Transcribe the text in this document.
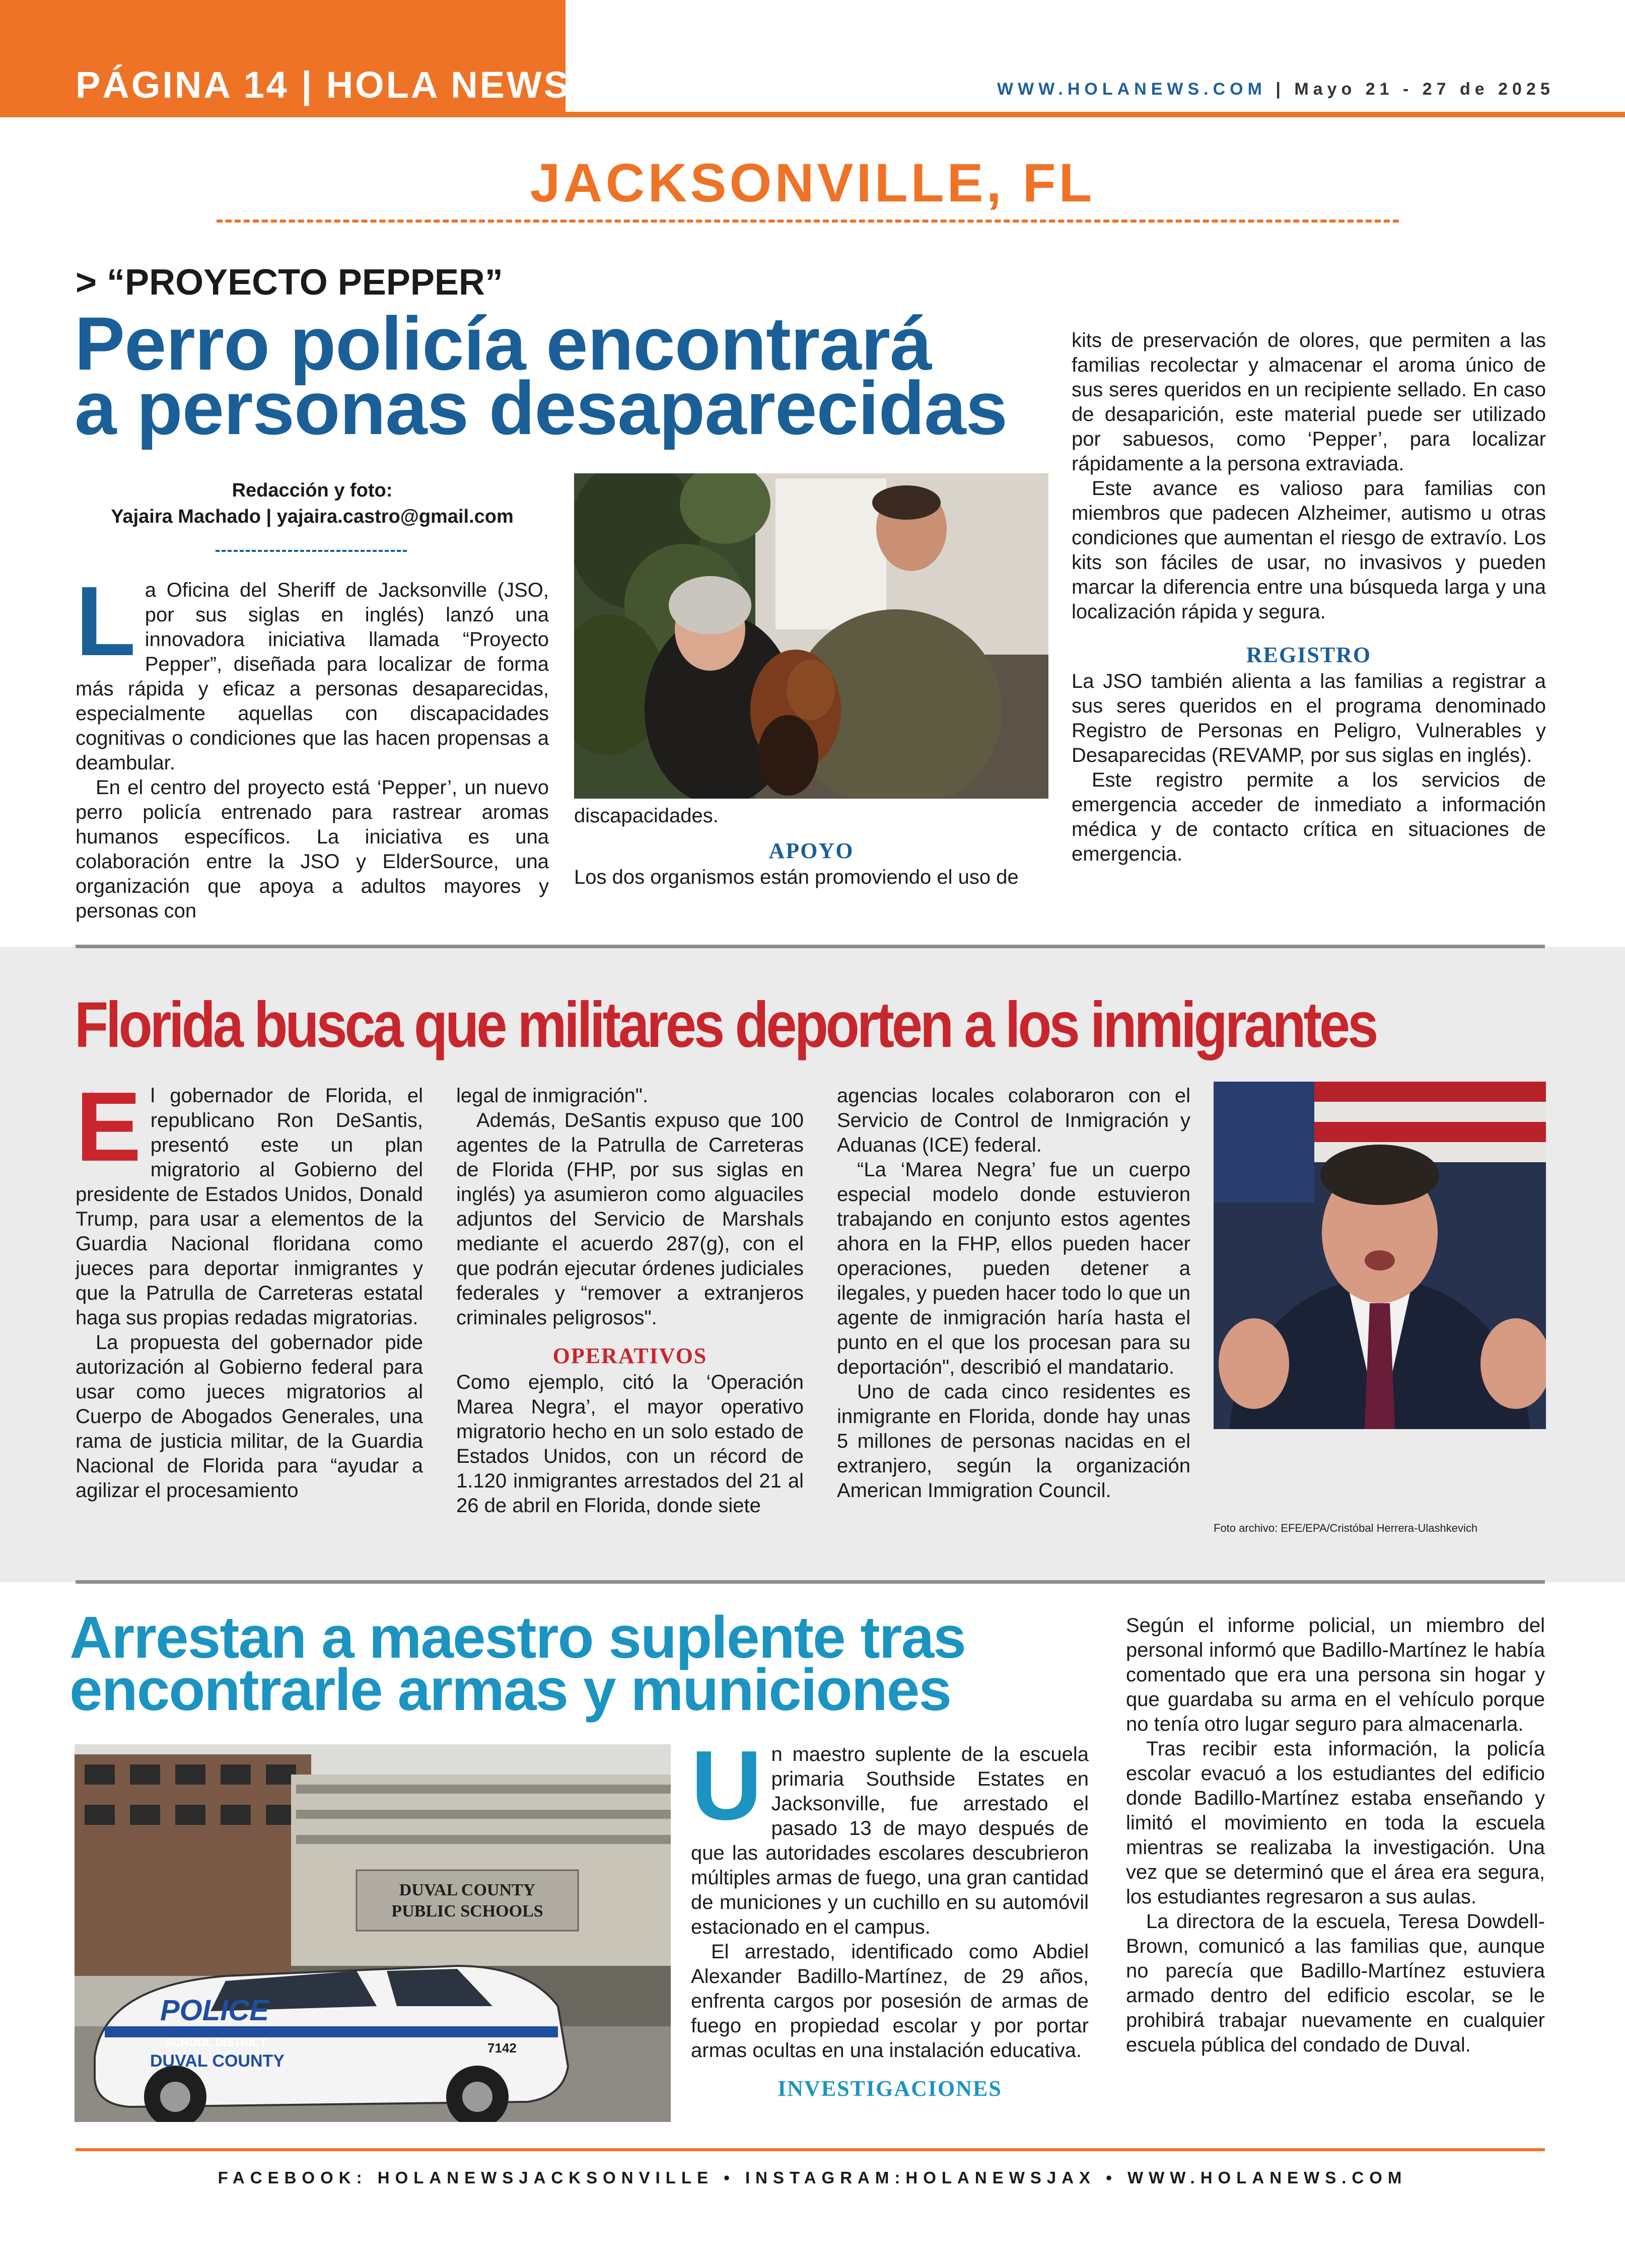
PÁGINA 14 | HOLA NEWS	WWW.HOLANEWS.COM | Mayo 21 - 27 de 2025
JACKSONVILLE, FL
> “PROYECTO PEPPER”
Perro policía encontrará
a personas desaparecidas
Redacción y foto:
Yajaira Machado | yajaira.castro@gmail.com
L a Oficina del Sheriff de Jacksonville (JSO, por sus siglas en inglés) lanzó una innovadora iniciativa llamada “Proyecto Pepper”, diseñada para localizar de forma más rápida y eficaz a personas desaparecidas, especialmente aquellas con discapacidades cognitivas o condiciones que las hacen propensas a deambular.

En el centro del proyecto está ‘Pepper’, un nuevo perro policía entrenado para rastrear aromas humanos específicos. La iniciativa es una colaboración entre la JSO y ElderSource, una organización que apoya a adultos mayores y personas con

discapacidades.

APOYO

Los dos organismos están promoviendo el uso de

kits de preservación de olores, que permiten a las familias recolectar y almacenar el aroma único de sus seres queridos en un recipiente sellado. En caso de desaparición, este material puede ser utilizado por sabuesos, como ‘Pepper’, para localizar rápidamente a la persona extraviada.

Este avance es valioso para familias con miembros que padecen Alzheimer, autismo u otras condiciones que aumentan el riesgo de extravío. Los kits son fáciles de usar, no invasivos y pueden marcar la diferencia entre una búsqueda larga y una localización rápida y segura.

REGISTRO

La JSO también alienta a las familias a registrar a sus seres queridos en el programa denominado Registro de Personas en Peligro, Vulnerables y Desaparecidas (REVAMP, por sus siglas en inglés).

Este registro permite a los servicios de emergencia acceder de inmediato a información médica y de contacto crítica en situaciones de emergencia.

Florida busca que militares deporten a los inmigrantes
E l gobernador de Florida, el republicano Ron DeSantis, presentó este un plan migratorio al Gobierno del presidente de Estados Unidos, Donald Trump, para usar a elementos de la Guardia Nacional floridana como jueces para deportar inmigrantes y que la Patrulla de Carreteras estatal haga sus propias redadas migratorias.

La propuesta del gobernador pide autorización al Gobierno federal para usar como jueces migratorios al Cuerpo de Abogados Generales, una rama de justicia militar, de la Guardia Nacional de Florida para “ayudar a agilizar el procesamiento

legal de inmigración".

Además, DeSantis expuso que 100 agentes de la Patrulla de Carreteras de Florida (FHP, por sus siglas en inglés) ya asumieron como alguaciles adjuntos del Servicio de Marshals mediante el acuerdo 287(g), con el que podrán ejecutar órdenes judiciales federales y “remover a extranjeros criminales peligrosos".

OPERATIVOS

Como ejemplo, citó la ‘Operación Marea Negra’, el mayor operativo migratorio hecho en un solo estado de Estados Unidos, con un récord de 1.120 inmigrantes arrestados del 21 al 26 de abril en Florida, donde siete

agencias locales colaboraron con el Servicio de Control de Inmigración y Aduanas (ICE) federal.

“La ‘Marea Negra’ fue un cuerpo especial modelo donde estuvieron trabajando en conjunto estos agentes ahora en la FHP, ellos pueden hacer operaciones, pueden detener a ilegales, y pueden hacer todo lo que un agente de inmigración haría hasta el punto en el que los procesan para su deportación", describió el mandatario.

Uno de cada cinco residentes es inmigrante en Florida, donde hay unas 5 millones de personas nacidas en el extranjero, según la organización American Immigration Council.

Foto archivo: EFE/EPA/Cristóbal Herrera-Ulashkevich
Arrestan a maestro suplente tras
encontrarle armas y municiones
DUVAL COUNTY
PUBLIC SCHOOLS
POLICE
SCHOOL DISTRICT
DUVAL COUNTY
7142
U n maestro suplente de la escuela primaria Southside Estates en Jacksonville, fue arrestado el pasado 13 de mayo después de que las autoridades escolares descubrieron múltiples armas de fuego, una gran cantidad de municiones y un cuchillo en su automóvil estacionado en el campus.

El arrestado, identificado como Abdiel Alexander Badillo-Martínez, de 29 años, enfrenta cargos por posesión de armas de fuego en propiedad escolar y por portar armas ocultas en una instalación educativa.

INVESTIGACIONES

Según el informe policial, un miembro del personal informó que Badillo-Martínez le había comentado que era una persona sin hogar y que guardaba su arma en el vehículo porque no tenía otro lugar seguro para almacenarla.

Tras recibir esta información, la policía escolar evacuó a los estudiantes del edificio donde Badillo-Martínez estaba enseñando y limitó el movimiento en toda la escuela mientras se realizaba la investigación. Una vez que se determinó que el área era segura, los estudiantes regresaron a sus aulas.

La directora de la escuela, Teresa Dowdell-Brown, comunicó a las familias que, aunque no parecía que Badillo-Martínez estuviera armado dentro del edificio escolar, se le prohibirá trabajar nuevamente en cualquier escuela pública del condado de Duval.

FACEBOOK: HOLANEWSJACKSONVILLE • INSTAGRAM:HOLANEWSJAX • WWW.HOLANEWS.COM
